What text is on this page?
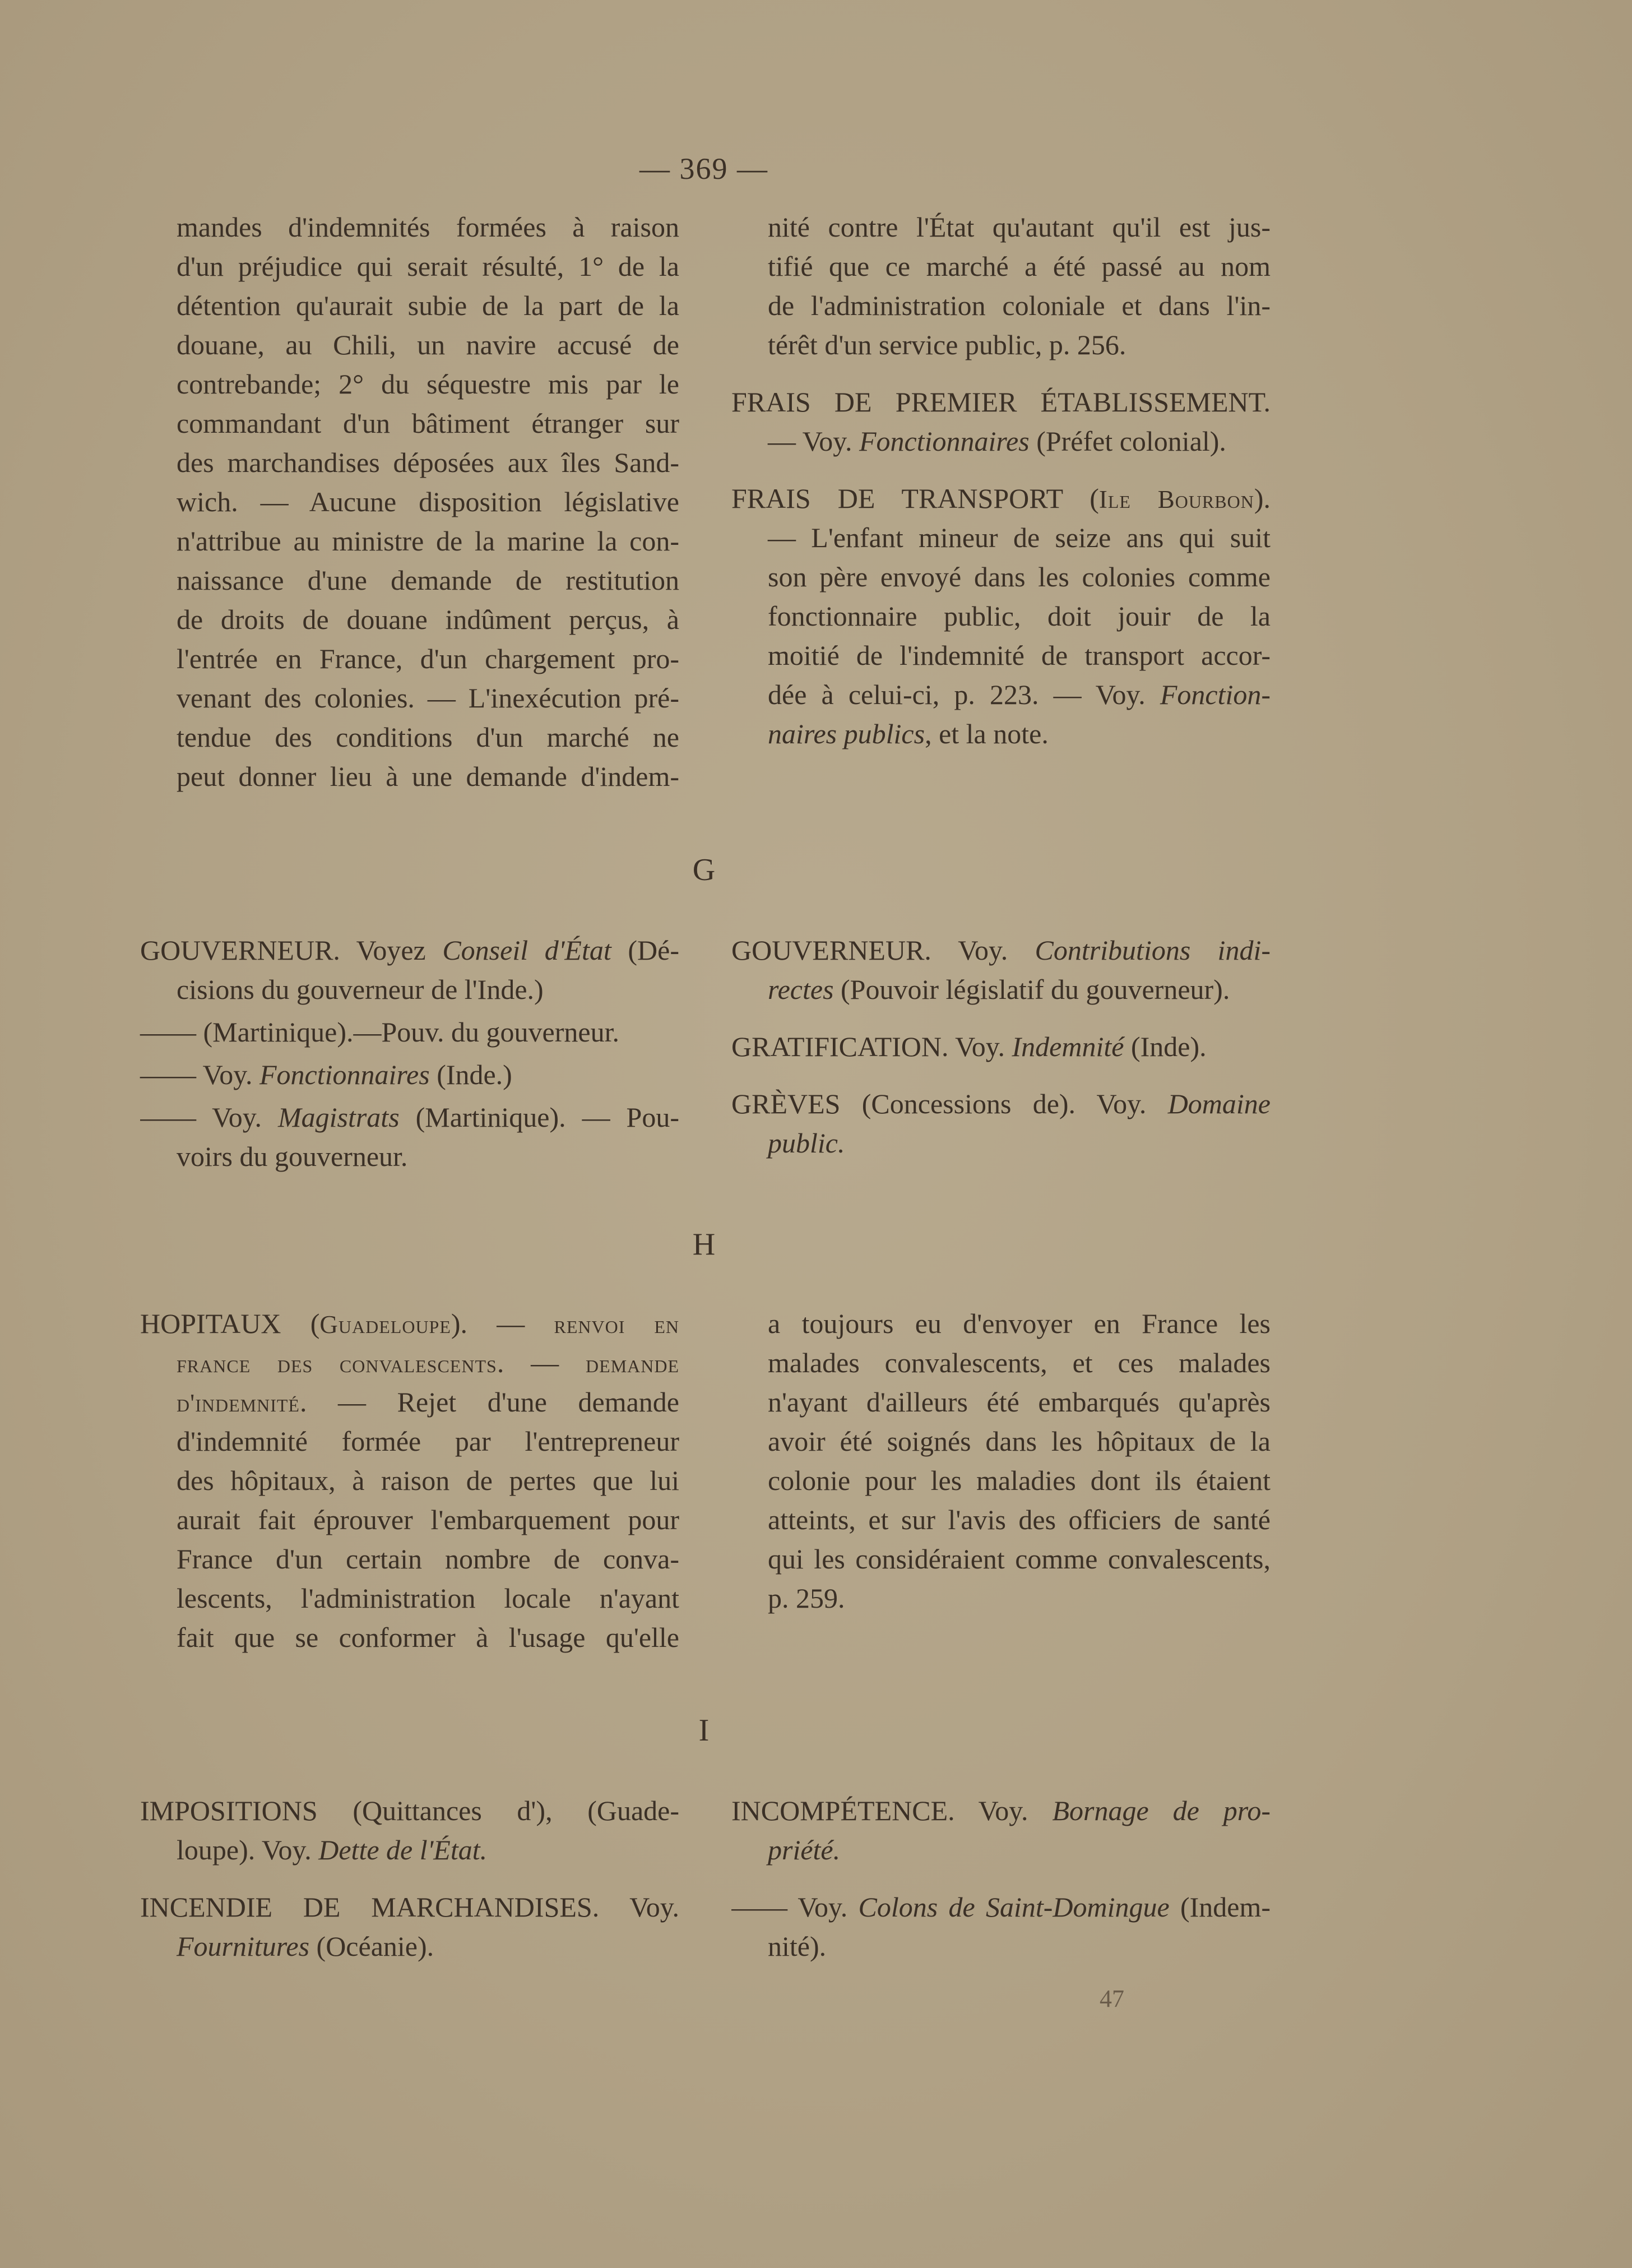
— 369 —
G
H
I
mandes d'indemnités formées à raison
d'un préjudice qui serait résulté, 1° de la
détention qu'aurait subie de la part de la
douane, au Chili, un navire accusé de
contrebande; 2° du séquestre mis par le
commandant d'un bâtiment étranger sur
des marchandises déposées aux îles Sand-
wich. — Aucune disposition législative
n'attribue au ministre de la marine la con-
naissance d'une demande de restitution
de droits de douane indûment perçus, à
l'entrée en France, d'un chargement pro-
venant des colonies. — L'inexécution pré-
tendue des conditions d'un marché ne
peut donner lieu à une demande d'indem-
nité contre l'État qu'autant qu'il est jus-
tifié que ce marché a été passé au nom
de l'administration coloniale et dans l'in-
térêt d'un service public, p. 256.
FRAIS DE PREMIER ÉTABLISSEMENT.
— Voy. Fonctionnaires (Préfet colonial).
FRAIS DE TRANSPORT (Ile Bourbon).
— L'enfant mineur de seize ans qui suit
son père envoyé dans les colonies comme
fonctionnaire public, doit jouir de la
moitié de l'indemnité de transport accor-
dée à celui-ci, p. 223. — Voy. Fonction-
naires publics, et la note.
GOUVERNEUR. Voyez Conseil d'État (Dé-
cisions du gouverneur de l'Inde.)
—— (Martinique).—Pouv. du gouverneur.
—— Voy. Fonctionnaires (Inde.)
—— Voy. Magistrats (Martinique). — Pou-
voirs du gouverneur.
GOUVERNEUR. Voy. Contributions indi-
rectes (Pouvoir législatif du gouverneur).
GRATIFICATION. Voy. Indemnité (Inde).
GRÈVES (Concessions de). Voy. Domaine
public.
HOPITAUX (Guadeloupe). — renvoi en
france des convalescents. — demande
d'indemnité. — Rejet d'une demande
d'indemnité formée par l'entrepreneur
des hôpitaux, à raison de pertes que lui
aurait fait éprouver l'embarquement pour
France d'un certain nombre de conva-
lescents, l'administration locale n'ayant
fait que se conformer à l'usage qu'elle
a toujours eu d'envoyer en France les
malades convalescents, et ces malades
n'ayant d'ailleurs été embarqués qu'après
avoir été soignés dans les hôpitaux de la
colonie pour les maladies dont ils étaient
atteints, et sur l'avis des officiers de santé
qui les considéraient comme convalescents,
p. 259.
IMPOSITIONS (Quittances d'), (Guade-
loupe). Voy. Dette de l'État.
INCENDIE DE MARCHANDISES. Voy.
Fournitures (Océanie).
INCOMPÉTENCE. Voy. Bornage de pro-
priété.
—— Voy. Colons de Saint-Domingue (Indem-
nité).
47
